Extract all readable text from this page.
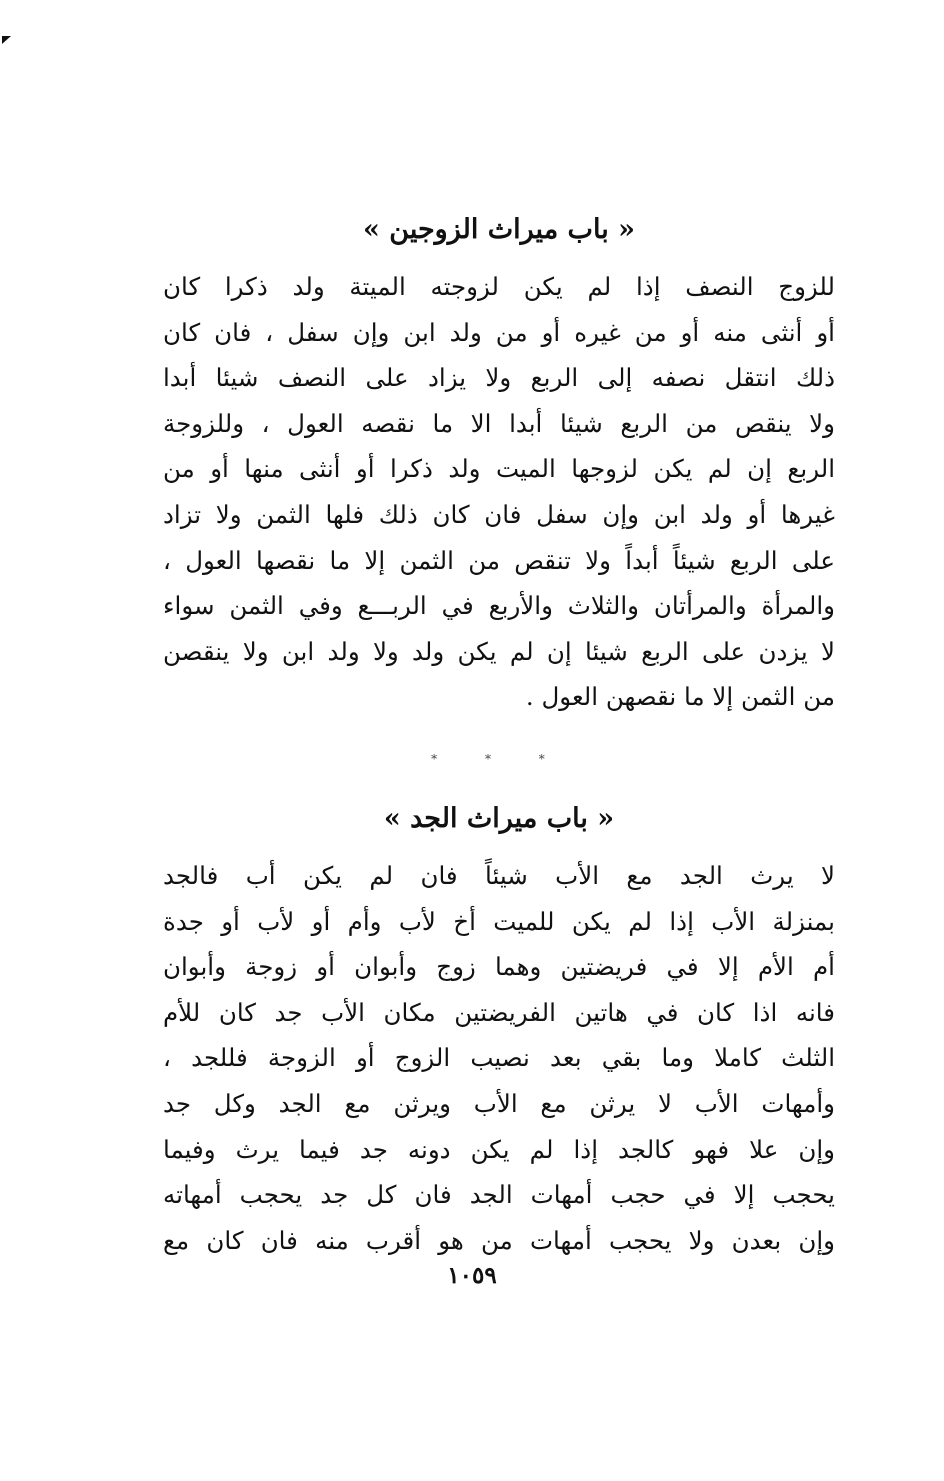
« باب ميراث الزوجين »
للزوج النصف إذا لم يكن لزوجته الميتة ولد ذكرا كان
أو أنثى منه أو من غيره أو من ولد ابن وإن سفل ، فان كان
ذلك انتقل نصفه إلى الربع ولا يزاد على النصف شيئا أبدا
ولا ينقص من الربع شيئا أبدا الا ما نقصه العول ، وللزوجة
الربع إن لم يكن لزوجها الميت ولد ذكرا أو أنثى منها أو من
غيرها أو ولد ابن وإن سفل فان كان ذلك فلها الثمن ولا تزاد
على الربع شيئاً أبداً ولا تنقص من الثمن إلا ما نقصها العول ،
والمرأة والمرأتان والثلاث والأربع في الربـــع وفي الثمن سواء
لا يزدن على الربع شيئا إن لم يكن ولد ولا ولد ابن ولا ينقصن
من الثمن إلا ما نقصهن العول .
* * *
« باب ميراث الجد »
لا يرث الجد مع الأب شيئاً فان لم يكن أب فالجد
بمنزلة الأب إذا لم يكن للميت أخ لأب وأم أو لأب أو جدة
أم الأم إلا في فريضتين وهما زوج وأبوان أو زوجة وأبوان
فانه اذا كان في هاتين الفريضتين مكان الأب جد كان للأم
الثلث كاملا وما بقي بعد نصيب الزوج أو الزوجة فللجد ،
وأمهات الأب لا يرثن مع الأب ويرثن مع الجد وكل جد
وإن علا فهو كالجد إذا لم يكن دونه جد فيما يرث وفيما
يحجب إلا في حجب أمهات الجد فان كل جد يحجب أمهاته
وإن بعدن ولا يحجب أمهات من هو أقرب منه فان كان مع
١٠٥٩
